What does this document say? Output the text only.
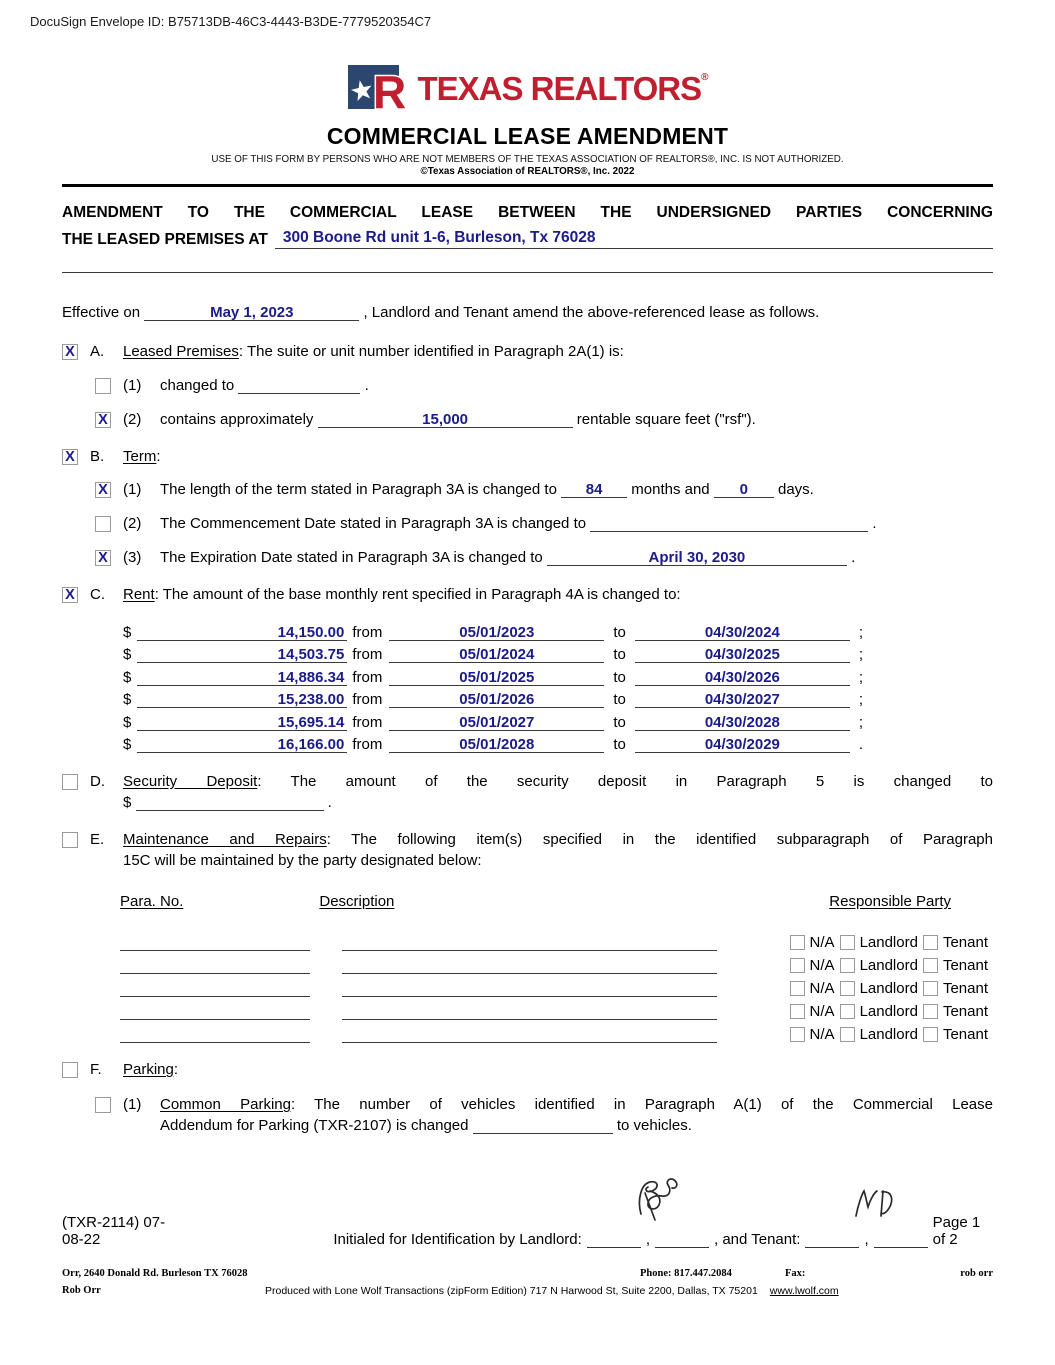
DocuSign Envelope ID: B75713DB-46C3-4443-B3DE-7779520354C7
R TEXAS REALTORS®
COMMERCIAL LEASE AMENDMENT
USE OF THIS FORM BY PERSONS WHO ARE NOT MEMBERS OF THE TEXAS ASSOCIATION OF REALTORS®, INC. IS NOT AUTHORIZED.
©Texas Association of REALTORS®, Inc. 2022
AMENDMENT TO THE COMMERCIAL LEASE BETWEEN THE UNDERSIGNED PARTIES CONCERNING
THE LEASED PREMISES AT 300 Boone Rd unit 1-6, Burleson, Tx 76028
Effective on	May 1, 2023	, Landlord and Tenant amend the above-referenced lease as follows.
X A.	Leased Premises: The suite or unit number identified in Paragraph 2A(1) is:
(1)	changed to	.
X (2)	contains approximately	15,000	rentable square feet ("rsf").
X B.	Term:
X (1)	The length of the term stated in Paragraph 3A is changed to 84 months and 0 days.
(2)	The Commencement Date stated in Paragraph 3A is changed to	.
X (3)	The Expiration Date stated in Paragraph 3A is changed to	April 30, 2030	.
X C.	Rent: The amount of the base monthly rent specified in Paragraph 4A is changed to:
$	14,150.00 from	05/01/2023	to	04/30/2024	;
$	14,503.75 from	05/01/2024	to	04/30/2025	;
$	14,886.34 from	05/01/2025	to	04/30/2026	;
$	15,238.00 from	05/01/2026	to	04/30/2027	;
$	15,695.14 from	05/01/2027	to	04/30/2028	;
$	16,166.00 from	05/01/2028	to	04/30/2029	.
D.	Security Deposit: The amount of the security deposit in Paragraph 5 is changed to
$	.
E.	Maintenance and Repairs: The following item(s) specified in the identified subparagraph of Paragraph
15C will be maintained by the party designated below:
Para. No.	Description	Responsible Party
N/A Landlord Tenant
N/A Landlord Tenant
N/A Landlord Tenant
N/A Landlord Tenant
N/A Landlord Tenant
F.	Parking:
(1)	Common Parking: The number of vehicles identified in Paragraph A(1) of the Commercial Lease
Addendum for Parking (TXR-2107) is changed	to vehicles.
(TXR-2114) 07-08-22	Initialed for Identification by Landlord:

	,	, and Tenant:

	,
Page 1 of 2
Orr, 2640 Donald Rd. Burleson TX 76028	Phone: 817.447.2084	Fax:	rob orr
Rob Orr	Produced with Lone Wolf Transactions (zipForm Edition) 717 N Harwood St, Suite 2200, Dallas, TX 75201 www.lwolf.com
